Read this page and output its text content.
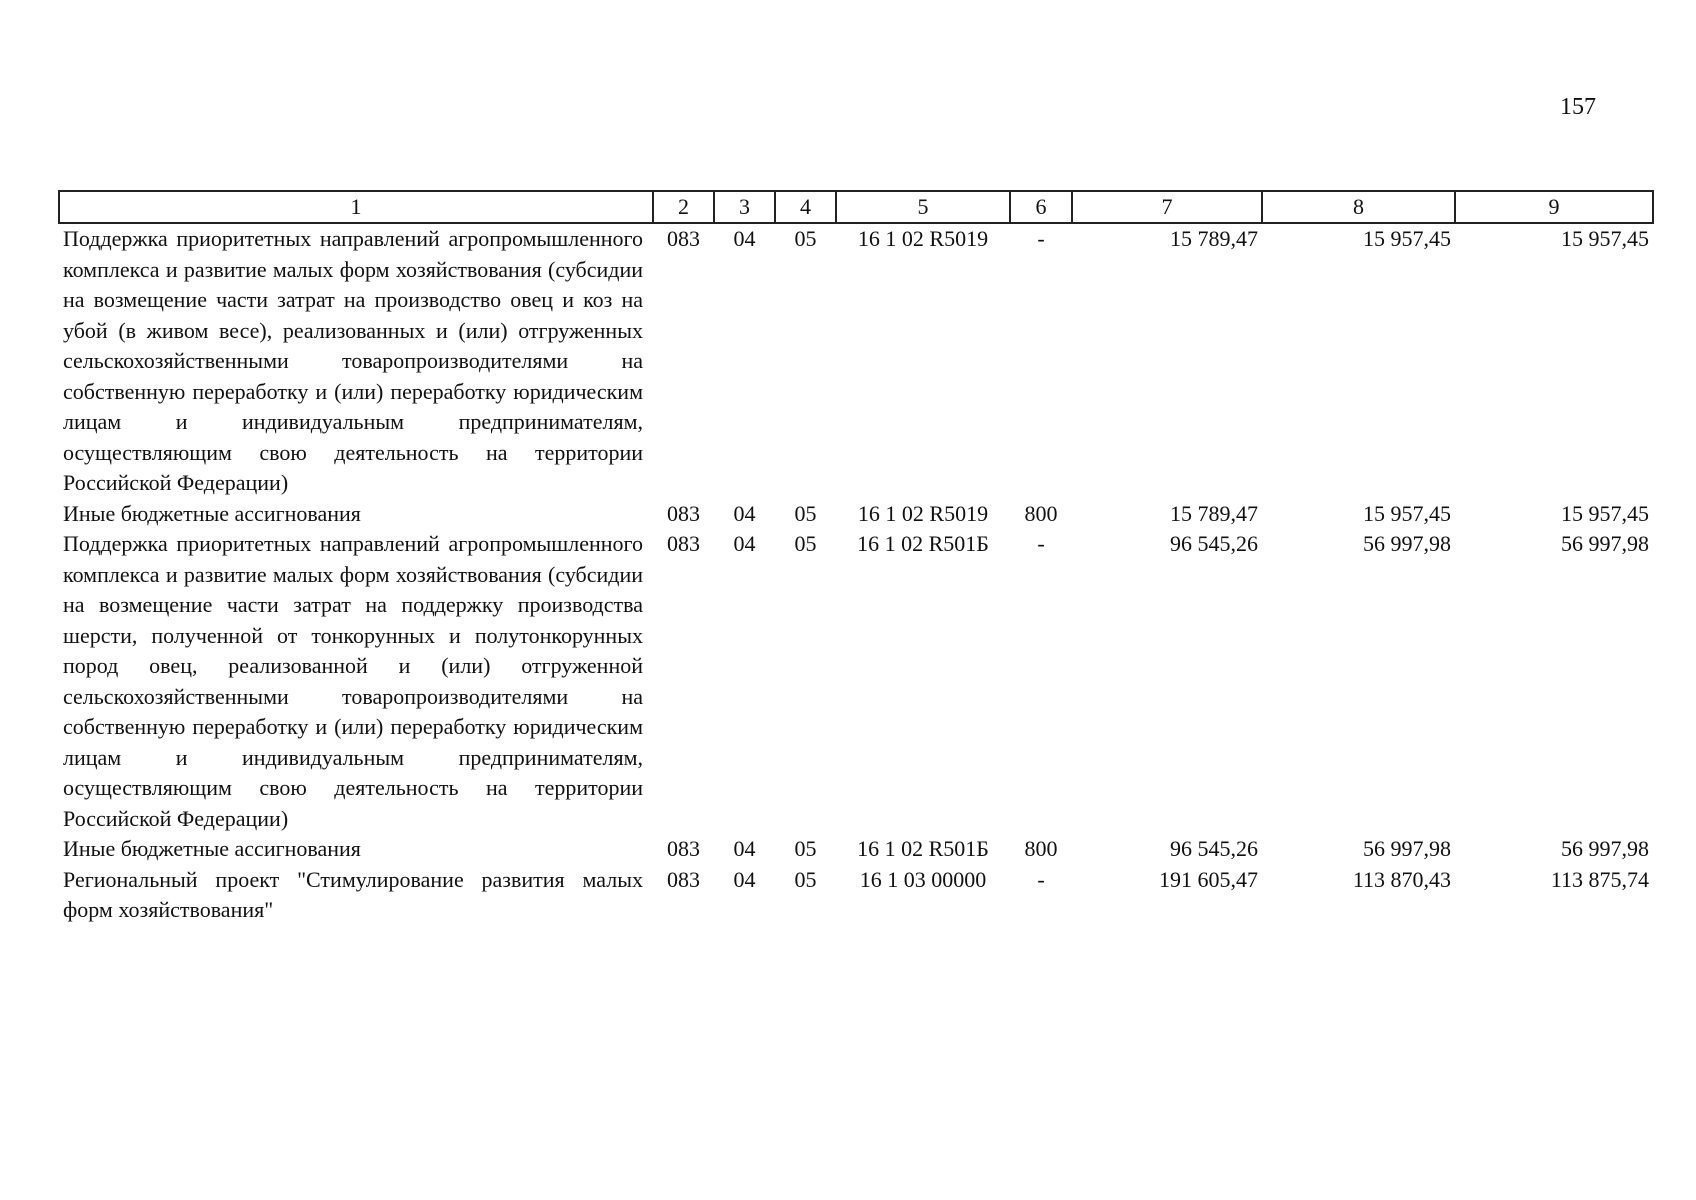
157
1	2	3	4	5	6	7	8	9
Поддержка приоритетных направлений агропромышленного комплекса и развитие малых форм хозяйствования (субсидии на возмещение части затрат на производство овец и коз на убой (в живом весе), реализованных и (или) отгруженных сельскохозяйственными товаропроизводителями на собственную переработку и (или) переработку юридическим лицам и индивидуальным предпринимателям, осуществляющим свою деятельность на территории Российской Федерации)	083	04	05	16 1 02 R5019	-	15 789,47	15 957,45	15 957,45
Иные бюджетные ассигнования	083	04	05	16 1 02 R5019	800	15 789,47	15 957,45	15 957,45
Поддержка приоритетных направлений агропромышленного комплекса и развитие малых форм хозяйствования (субсидии на возмещение части затрат на поддержку производства шерсти, полученной от тонкорунных и полутонкорунных пород овец, реализованной и (или) отгруженной сельскохозяйственными товаропроизводителями на собственную переработку и (или) переработку юридическим лицам и индивидуальным предпринимателям, осуществляющим свою деятельность на территории Российской Федерации)	083	04	05	16 1 02 R501Б	-	96 545,26	56 997,98	56 997,98
Иные бюджетные ассигнования	083	04	05	16 1 02 R501Б	800	96 545,26	56 997,98	56 997,98
Региональный проект "Стимулирование развития малых форм хозяйствования"	083	04	05	16 1 03 00000	-	191 605,47	113 870,43	113 875,74
